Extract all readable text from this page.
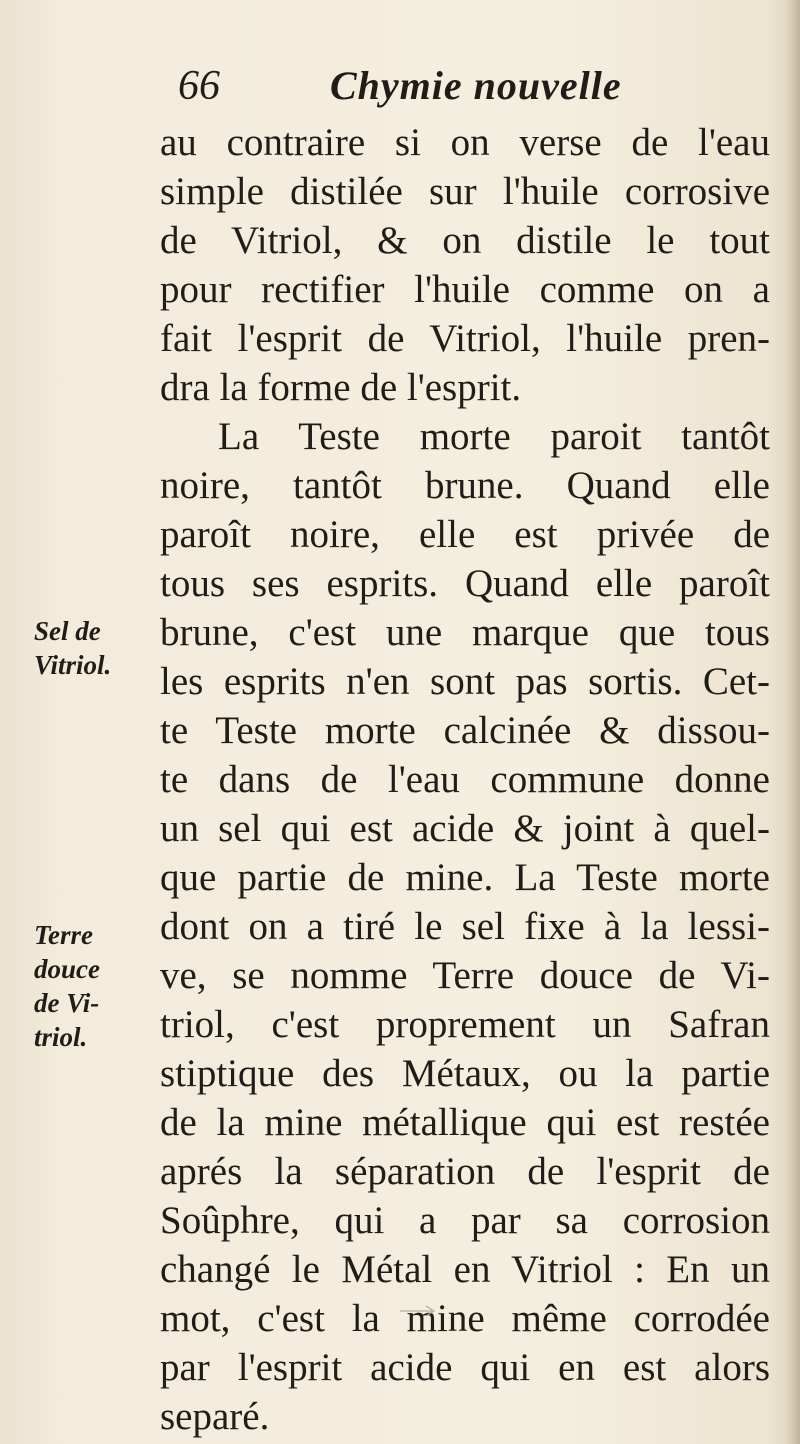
66	Chymie nouvelle
au contraire si on verse de l'eau
simple distilée sur l'huile corrosive
de Vitriol, & on distile le tout
pour rectifier l'huile comme on a
fait l'esprit de Vitriol, l'huile pren-
dra la forme de l'esprit.
La Teste morte paroit tantôt
noire, tantôt brune. Quand elle
paroît noire, elle est privée de
tous ses esprits. Quand elle paroît
brune, c'est une marque que tous
les esprits n'en sont pas sortis. Cet-
te Teste morte calcinée & dissou-
te dans de l'eau commune donne
un sel qui est acide & joint à quel-
que partie de mine. La Teste morte
dont on a tiré le sel fixe à la lessi-
ve, se nomme Terre douce de Vi-
triol, c'est proprement un Safran
stiptique des Métaux, ou la partie
de la mine métallique qui est restée
aprés la séparation de l'esprit de
Soûphre, qui a par sa corrosion
changé le Métal en Vitriol : En un
mot, c'est la mine même corrodée
par l'esprit acide qui en est alors
separé.
Sel de
Vitriol.
Terre
douce
de Vi-
triol.
